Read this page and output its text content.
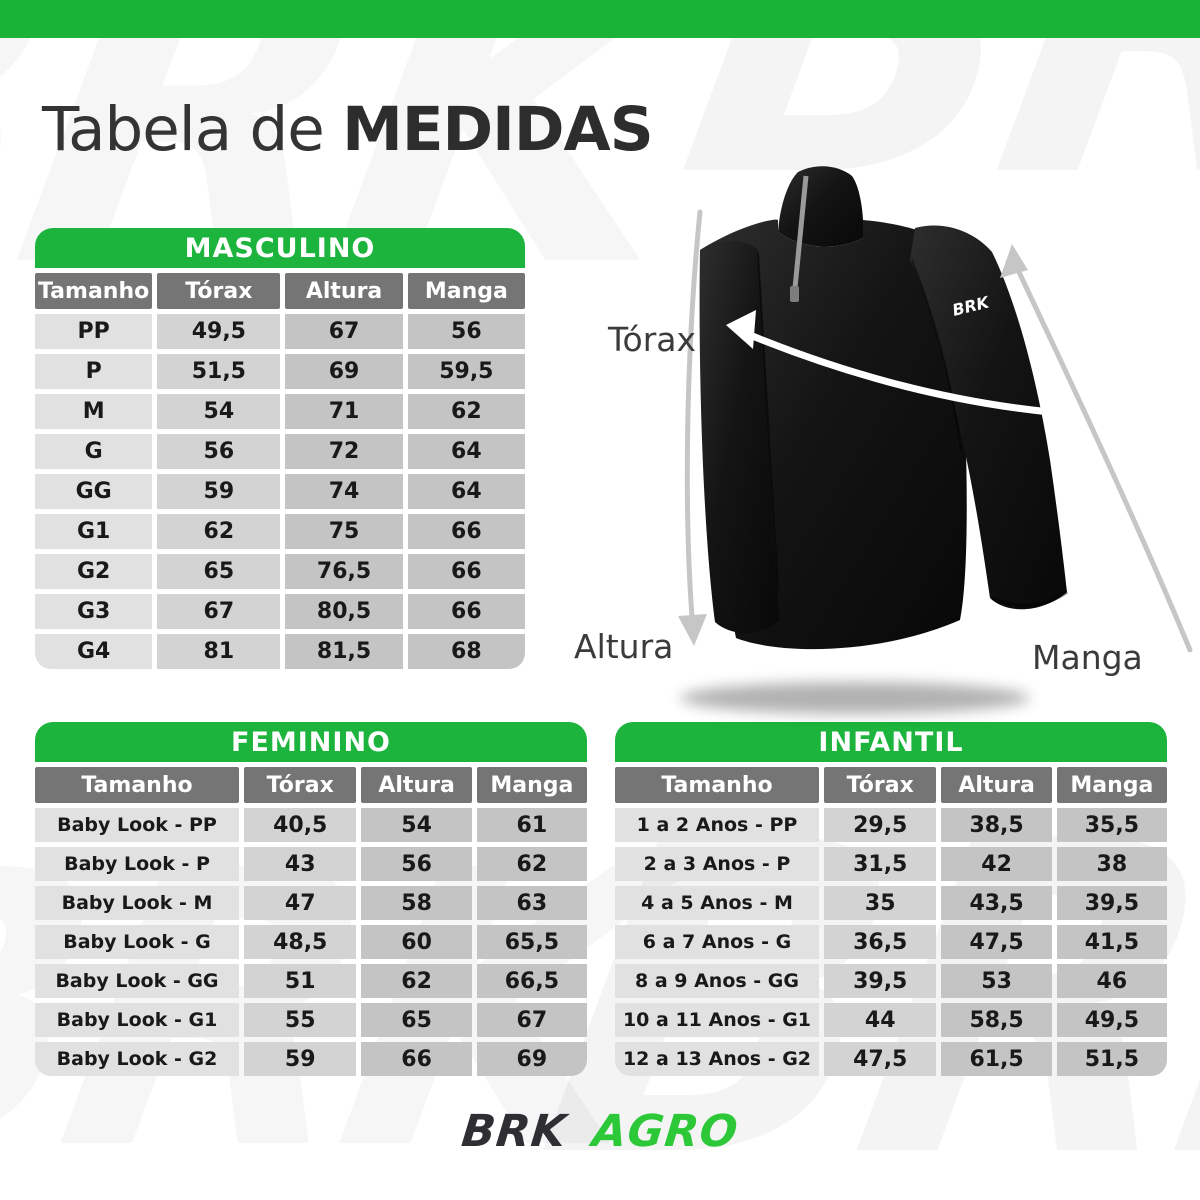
Tabela de MEDIDAS
MASCULINO
Tamanho	Tórax	Altura	Manga
PP	49,5	67	56
P	51,5	69	59,5
M	54	71	62
G	56	72	64
GG	59	74	64
G1	62	75	66
G2	65	76,5	66
G3	67	80,5	66
G4	81	81,5	68
FEMININO
Tamanho	Tórax	Altura	Manga
Baby Look - PP	40,5	54	61
Baby Look - P	43	56	62
Baby Look - M	47	58	63
Baby Look - G	48,5	60	65,5
Baby Look - GG	51	62	66,5
Baby Look - G1	55	65	67
Baby Look - G2	59	66	69
INFANTIL
Tamanho	Tórax	Altura	Manga
1 a 2 Anos - PP	29,5	38,5	35,5
2 a 3 Anos - P	31,5	42	38
4 a 5 Anos - M	35	43,5	39,5
6 a 7 Anos - G	36,5	47,5	41,5
8 a 9 Anos - GG	39,5	53	46
10 a 11 Anos - G1	44	58,5	49,5
12 a 13 Anos - G2	47,5	61,5	51,5
BRK
Tórax
Altura	Manga
BRK AGRO
